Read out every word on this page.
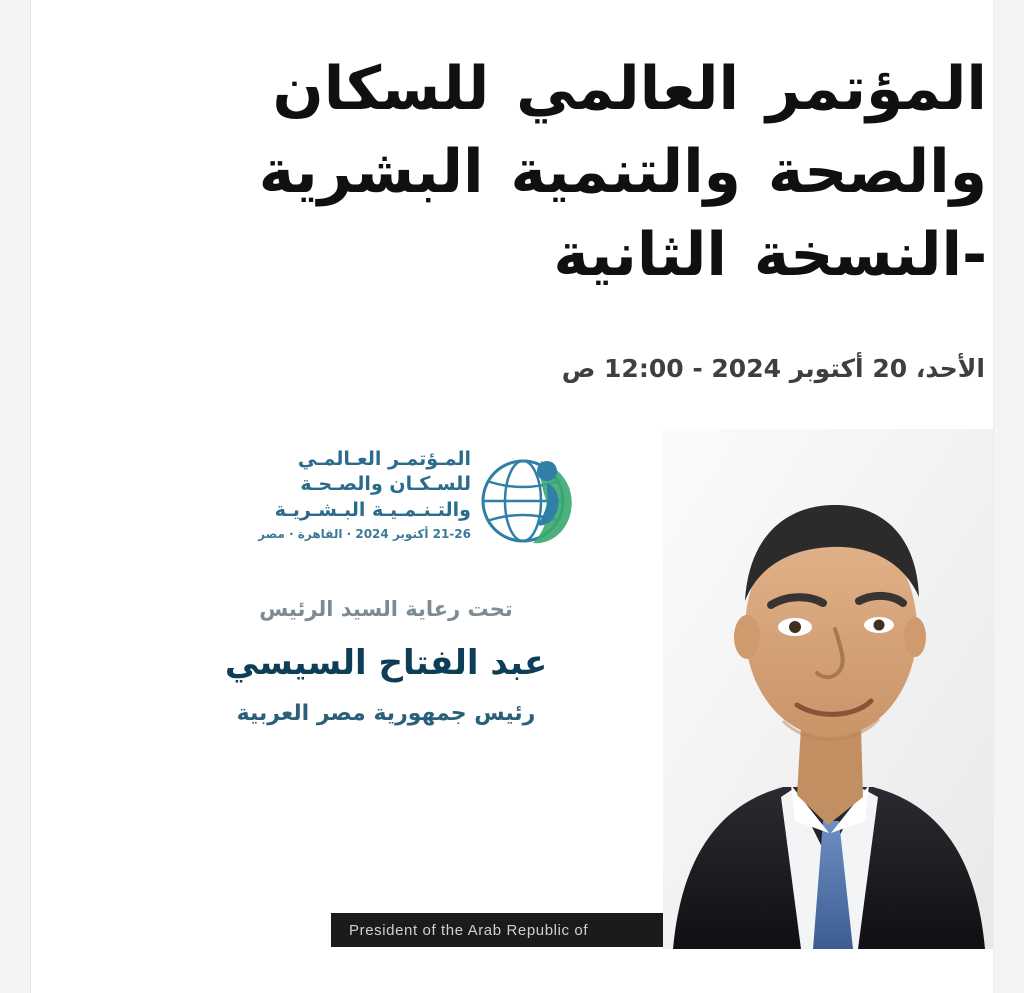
المؤتمر العالمي للسكان والصحة والتنمية البشرية -النسخة الثانية
الأحد، 20 أكتوبر 2024 - 12:00 ص
المـؤتمـر العـالمـي
للسـكـان والصـحـة
والتـنـمـيـة البـشـريـة
21-26 أكتوبر 2024 · القاهرة · مصر
تحت رعاية السيد الرئيس
عبد الفتاح السيسي
رئيس جمهورية مصر العربية
President of the Arab Republic of
